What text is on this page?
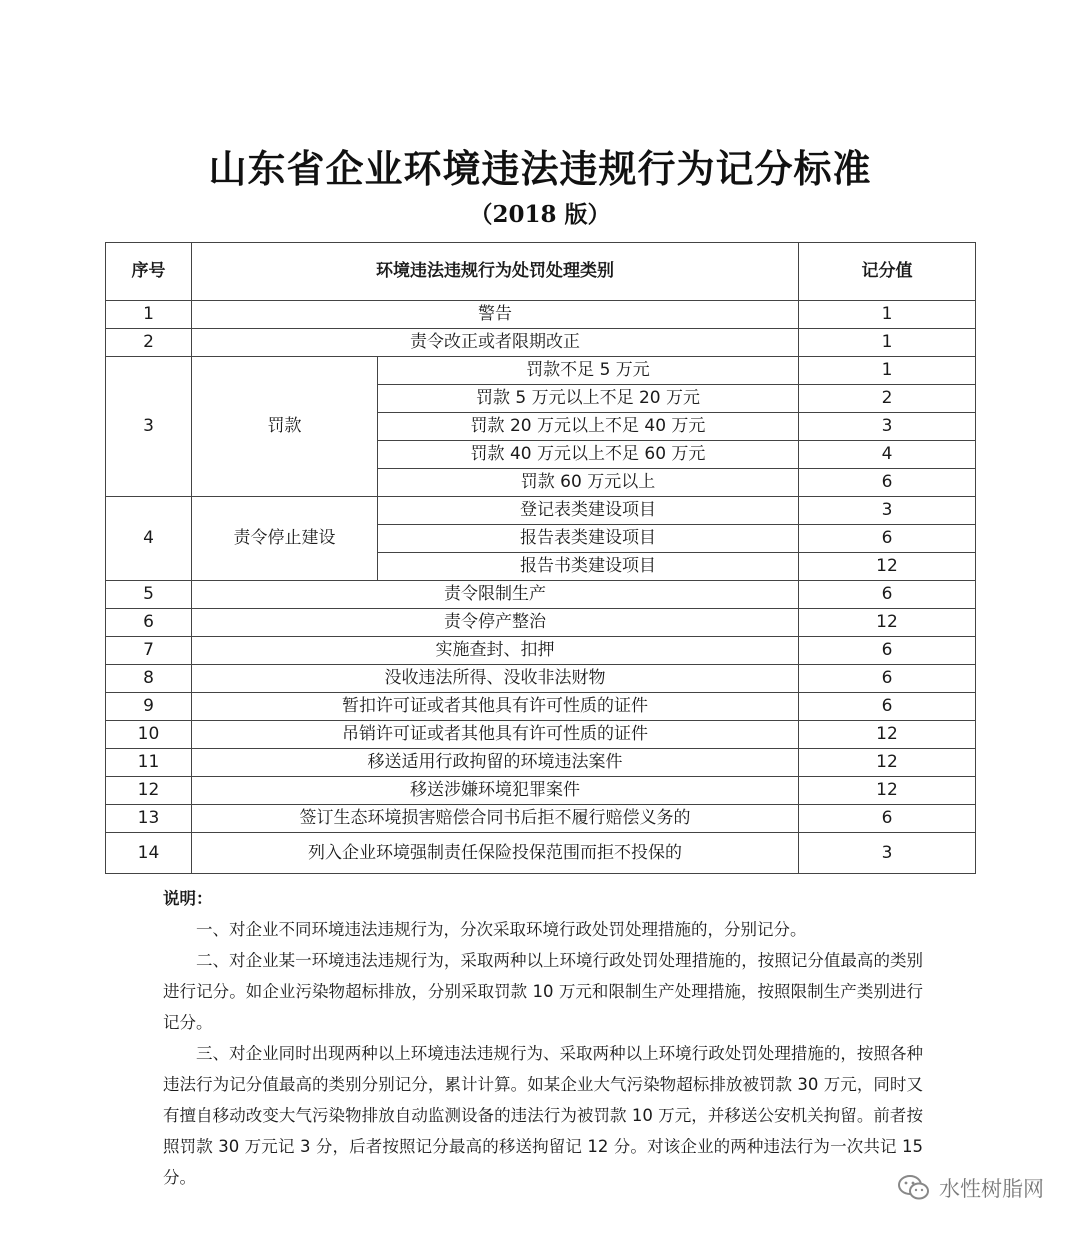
山东省企业环境违法违规行为记分标准
（2018 版）
序号	环境违法违规行为处罚处理类别		记分值
1	警告		1
2	责令改正或者限期改正		1
3	罚款	罚款不足 5 万元	1
		罚款 5 万元以上不足 20 万元	2
		罚款 20 万元以上不足 40 万元	3
		罚款 40 万元以上不足 60 万元	4
		罚款 60 万元以上	6
4	责令停止建设	登记表类建设项目	3
		报告表类建设项目	6
		报告书类建设项目	12
5	责令限制生产		6
6	责令停产整治		12
7	实施查封、扣押		6
8	没收违法所得、没收非法财物		6
9	暂扣许可证或者其他具有许可性质的证件		6
10	吊销许可证或者其他具有许可性质的证件		12
11	移送适用行政拘留的环境违法案件		12
12	移送涉嫌环境犯罪案件		12
13	签订生态环境损害赔偿合同书后拒不履行赔偿义务的		6
14	列入企业环境强制责任保险投保范围而拒不投保的		3
说明：

一、对企业不同环境违法违规行为，分次采取环境行政处罚处理措施的，分别记分。

二、对企业某一环境违法违规行为，采取两种以上环境行政处罚处理措施的，按照记分值最高的类别进行记分。如企业污染物超标排放，分别采取罚款 10 万元和限制生产处理措施，按照限制生产类别进行记分。

三、对企业同时出现两种以上环境违法违规行为、采取两种以上环境行政处罚处理措施的，按照各种违法行为记分值最高的类别分别记分，累计计算。如某企业大气污染物超标排放被罚款 30 万元，同时又有擅自移动改变大气污染物排放自动监测设备的违法行为被罚款 10 万元，并移送公安机关拘留。前者按照罚款 30 万元记 3 分，后者按照记分最高的移送拘留记 12 分。对该企业的两种违法行为一次共记 15 分。	水性树脂网
